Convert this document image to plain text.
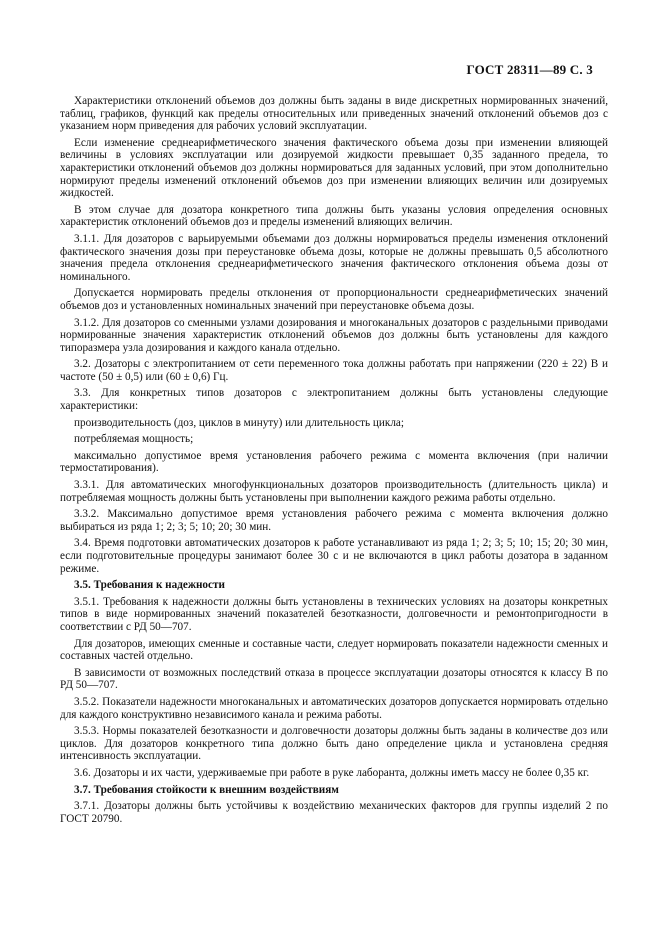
ГОСТ 28311—89 С. 3

Характеристики отклонений объемов доз должны быть заданы в виде дискретных нормированных значений, таблиц, графиков, функций как пределы относительных или приведенных значений отклонений объемов доз с указанием норм приведения для рабочих условий эксплуатации.

Если изменение среднеарифметического значения фактического объема дозы при изменении влияющей величины в условиях эксплуатации или дозируемой жидкости превышает 0,35 заданного предела, то характеристики отклонений объемов доз должны нормироваться для заданных условий, при этом дополнительно нормируют пределы изменений отклонений объемов доз при изменении влияющих величин или дозируемых жидкостей.

В этом случае для дозатора конкретного типа должны быть указаны условия определения основных характеристик отклонений объемов доз и пределы изменений влияющих величин.

3.1.1. Для дозаторов с варьируемыми объемами доз должны нормироваться пределы изменения отклонений фактического значения дозы при переустановке объема дозы, которые не должны превышать 0,5 абсолютного значения предела отклонения среднеарифметического значения фактического отклонения объема дозы от номинального.

Допускается нормировать пределы отклонения от пропорциональности среднеарифметических значений объемов доз и установленных номинальных значений при переустановке объема дозы.

3.1.2. Для дозаторов со сменными узлами дозирования и многоканальных дозаторов с раздельными приводами нормированные значения характеристик отклонений объемов доз должны быть установлены для каждого типоразмера узла дозирования и каждого канала отдельно.

3.2. Дозаторы с электропитанием от сети переменного тока должны работать при напряжении (220 ± 22) В и частоте (50 ± 0,5) или (60 ± 0,6) Гц.

3.3. Для конкретных типов дозаторов с электропитанием должны быть установлены следующие характеристики:

производительность (доз, циклов в минуту) или длительность цикла;

потребляемая мощность;

максимально допустимое время установления рабочего режима с момента включения (при наличии термостатирования).

3.3.1. Для автоматических многофункциональных дозаторов производительность (длительность цикла) и потребляемая мощность должны быть установлены при выполнении каждого режима работы отдельно.

3.3.2. Максимально допустимое время установления рабочего режима с момента включения должно выбираться из ряда 1; 2; 3; 5; 10; 20; 30 мин.

3.4. Время подготовки автоматических дозаторов к работе устанавливают из ряда 1; 2; 3; 5; 10; 15; 20; 30 мин, если подготовительные процедуры занимают более 30 с и не включаются в цикл работы дозатора в заданном режиме.

3.5. Требования к надежности

3.5.1. Требования к надежности должны быть установлены в технических условиях на дозаторы конкретных типов в виде нормированных значений показателей безотказности, долговечности и ремонтопригодности в соответствии с РД 50—707.

Для дозаторов, имеющих сменные и составные части, следует нормировать показатели надежности сменных и составных частей отдельно.

В зависимости от возможных последствий отказа в процессе эксплуатации дозаторы относятся к классу В по РД 50—707.

3.5.2. Показатели надежности многоканальных и автоматических дозаторов допускается нормировать отдельно для каждого конструктивно независимого канала и режима работы.

3.5.3. Нормы показателей безотказности и долговечности дозаторы должны быть заданы в количестве доз или циклов. Для дозаторов конкретного типа должно быть дано определение цикла и установлена средняя интенсивность эксплуатации.

3.6. Дозаторы и их части, удерживаемые при работе в руке лаборанта, должны иметь массу не более 0,35 кг.

3.7. Требования стойкости к внешним воздействиям

3.7.1. Дозаторы должны быть устойчивы к воздействию механических факторов для группы изделий 2 по ГОСТ 20790.
